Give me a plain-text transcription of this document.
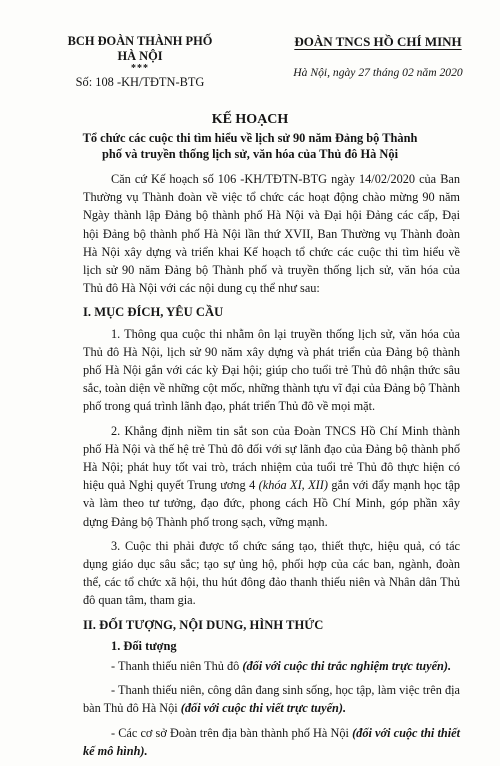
BCH ĐOÀN THÀNH PHỐ HÀ NỘI
***
Số: 108 -KH/TĐTN-BTG
ĐOÀN TNCS HỒ CHÍ MINH
Hà Nội, ngày 27 tháng 02 năm 2020
KẾ HOẠCH
Tổ chức các cuộc thi tìm hiểu về lịch sử 90 năm Đảng bộ Thành phố và truyền thống lịch sử, văn hóa của Thủ đô Hà Nội

Căn cứ Kế hoạch số 106 -KH/TĐTN-BTG ngày 14/02/2020 của Ban Thường vụ Thành đoàn về việc tổ chức các hoạt động chào mừng 90 năm Ngày thành lập Đảng bộ thành phố Hà Nội và Đại hội Đảng các cấp, Đại hội Đảng bộ thành phố Hà Nội lần thứ XVII, Ban Thường vụ Thành đoàn Hà Nội xây dựng và triển khai Kế hoạch tổ chức các cuộc thi tìm hiểu về lịch sử 90 năm Đảng bộ Thành phố và truyền thống lịch sử, văn hóa của Thủ đô Hà Nội với các nội dung cụ thể như sau:

I. MỤC ĐÍCH, YÊU CẦU

1. Thông qua cuộc thi nhằm ôn lại truyền thống lịch sử, văn hóa của Thủ đô Hà Nội, lịch sử 90 năm xây dựng và phát triển của Đảng bộ thành phố Hà Nội gắn với các kỳ Đại hội; giúp cho tuổi trẻ Thủ đô nhận thức sâu sắc, toàn diện về những cột mốc, những thành tựu vĩ đại của Đảng bộ Thành phố trong quá trình lãnh đạo, phát triển Thủ đô về mọi mặt.

2. Khẳng định niềm tin sắt son của Đoàn TNCS Hồ Chí Minh thành phố Hà Nội và thế hệ trẻ Thủ đô đối với sự lãnh đạo của Đảng bộ thành phố Hà Nội; phát huy tốt vai trò, trách nhiệm của tuổi trẻ Thủ đô thực hiện có hiệu quả Nghị quyết Trung ương 4 (khóa XI, XII) gắn với đẩy mạnh học tập và làm theo tư tưởng, đạo đức, phong cách Hồ Chí Minh, góp phần xây dựng Đảng bộ Thành phố trong sạch, vững mạnh.

3. Cuộc thi phải được tổ chức sáng tạo, thiết thực, hiệu quả, có tác dụng giáo dục sâu sắc; tạo sự ủng hộ, phối hợp của các ban, ngành, đoàn thể, các tổ chức xã hội, thu hút đông đảo thanh thiếu niên và Nhân dân Thủ đô quan tâm, tham gia.

II. ĐỐI TƯỢNG, NỘI DUNG, HÌNH THỨC
1. Đối tượng

- Thanh thiếu niên Thủ đô (đối với cuộc thi trắc nghiệm trực tuyến).

- Thanh thiếu niên, công dân đang sinh sống, học tập, làm việc trên địa bàn Thủ đô Hà Nội (đối với cuộc thi viết trực tuyến).

- Các cơ sở Đoàn trên địa bàn thành phố Hà Nội (đối với cuộc thi thiết kế mô hình).
